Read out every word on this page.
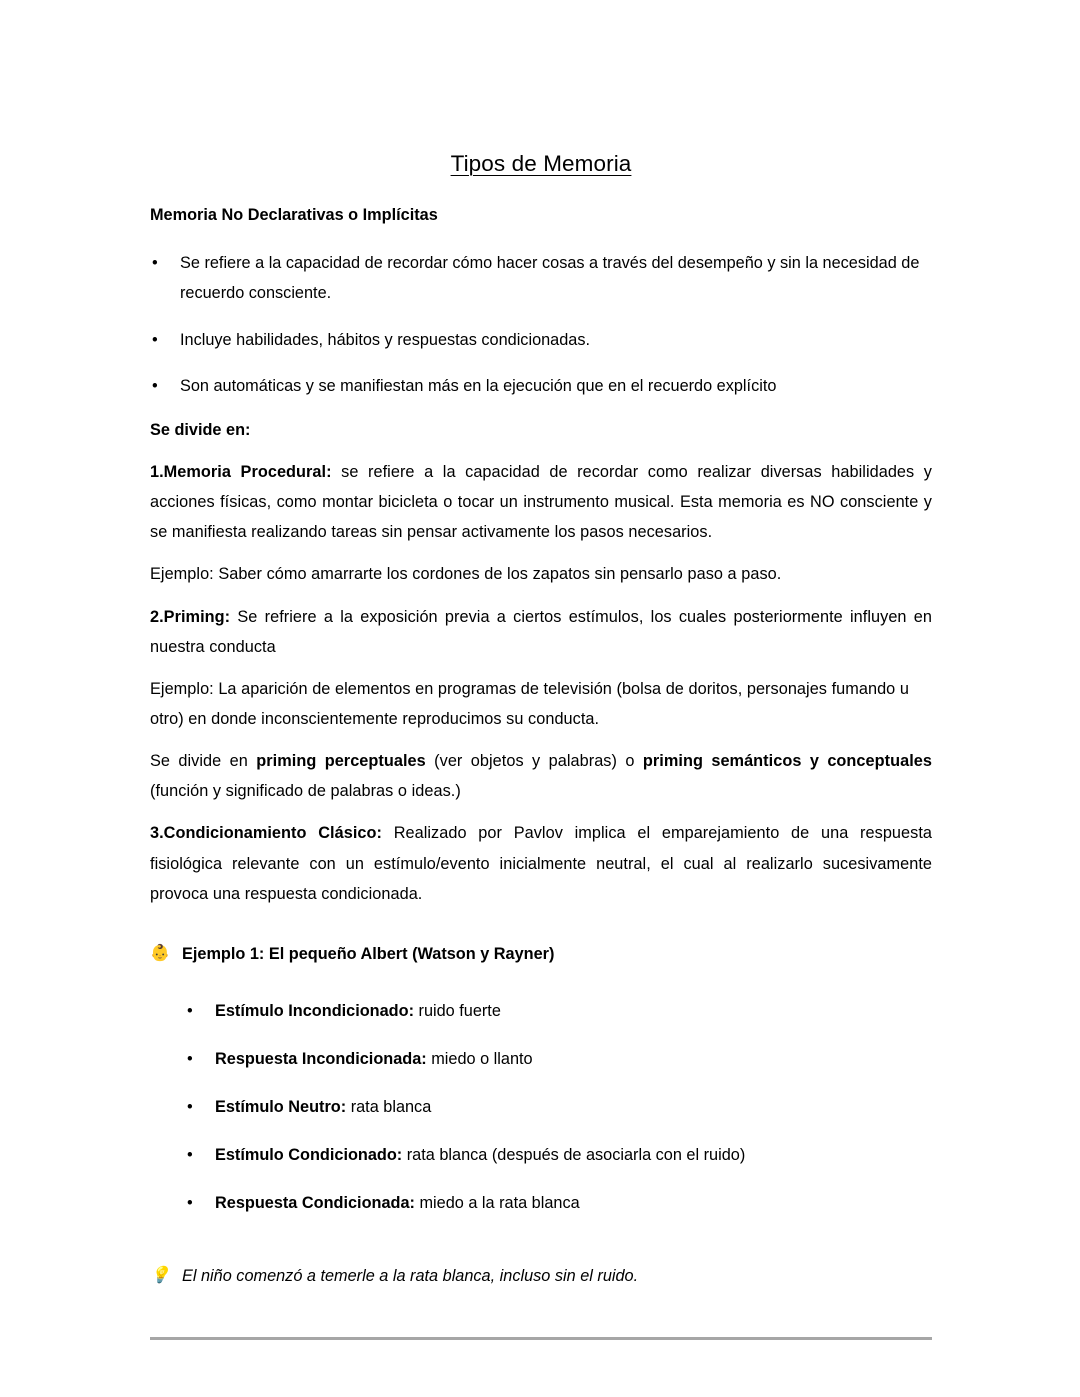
Tipos de Memoria

Memoria No Declarativas o Implícitas

• Se refiere a la capacidad de recordar cómo hacer cosas a través del desempeño y sin la necesidad de recuerdo consciente.
• Incluye habilidades, hábitos y respuestas condicionadas.
• Son automáticas y se manifiestan más en la ejecución que en el recuerdo explícito

Se divide en:

1.Memoria Procedural: se refiere a la capacidad de recordar como realizar diversas habilidades y acciones físicas, como montar bicicleta o tocar un instrumento musical. Esta memoria es NO consciente y se manifiesta realizando tareas sin pensar activamente los pasos necesarios.

Ejemplo: Saber cómo amarrarte los cordones de los zapatos sin pensarlo paso a paso.

2.Priming: Se refriere a la exposición previa a ciertos estímulos, los cuales posteriormente influyen en nuestra conducta

Ejemplo: La aparición de elementos en programas de televisión (bolsa de doritos, personajes fumando u otro) en donde inconscientemente reproducimos su conducta.

Se divide en priming perceptuales (ver objetos y palabras) o priming semánticos y conceptuales (función y significado de palabras o ideas.)

3.Condicionamiento Clásico: Realizado por Pavlov implica el emparejamiento de una respuesta fisiológica relevante con un estímulo/evento inicialmente neutral, el cual al realizarlo sucesivamente provoca una respuesta condicionada.

👶 Ejemplo 1: El pequeño Albert (Watson y Rayner)

• Estímulo Incondicionado: ruido fuerte
• Respuesta Incondicionada: miedo o llanto
• Estímulo Neutro: rata blanca
• Estímulo Condicionado: rata blanca (después de asociarla con el ruido)
• Respuesta Condicionada: miedo a la rata blanca

💡 El niño comenzó a temerle a la rata blanca, incluso sin el ruido.
